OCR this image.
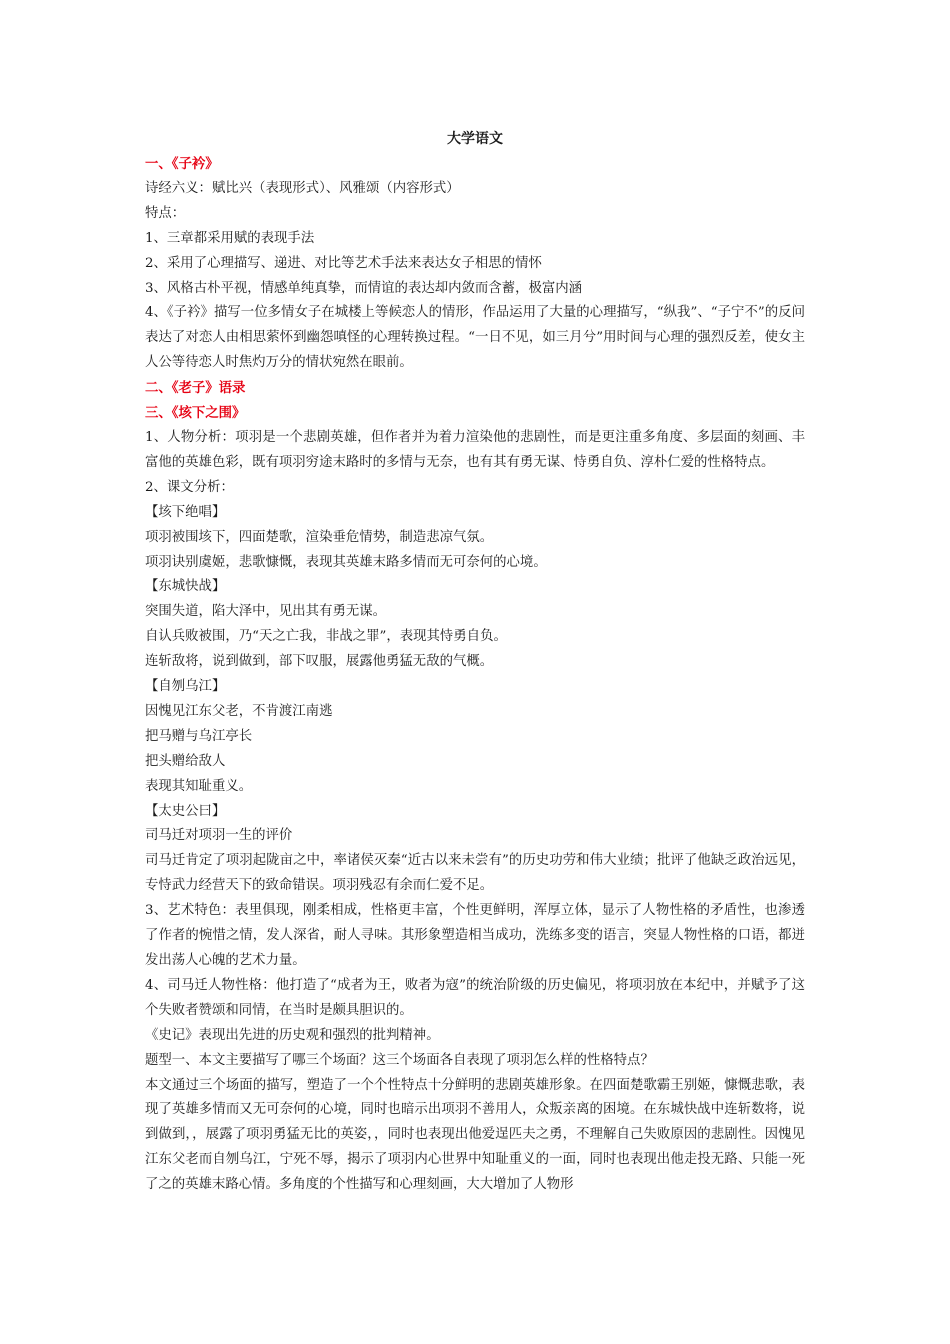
大学语文

一、《子衿》

诗经六义：赋比兴（表现形式）、风雅颂（内容形式）

特点：

1、三章都采用赋的表现手法

2、采用了心理描写、递进、对比等艺术手法来表达女子相思的情怀

3、风格古朴平视，情感单纯真挚，而情谊的表达却内敛而含蓄，极富内涵

4、《子衿》描写一位多情女子在城楼上等候恋人的情形，作品运用了大量的心理描写，“纵我”、“子宁不”的反问表达了对恋人由相思萦怀到幽怨嗔怪的心理转换过程。“一日不见，如三月兮”用时间与心理的强烈反差，使女主人公等待恋人时焦灼万分的情状宛然在眼前。

二、《老子》语录

三、《垓下之围》

1、人物分析：项羽是一个悲剧英雄，但作者并为着力渲染他的悲剧性，而是更注重多角度、多层面的刻画、丰富他的英雄色彩，既有项羽穷途末路时的多情与无奈，也有其有勇无谋、恃勇自负、淳朴仁爱的性格特点。

2、课文分析：

【垓下绝唱】

项羽被围垓下，四面楚歌，渲染垂危情势，制造悲凉气氛。

项羽诀别虞姬，悲歌慷慨，表现其英雄末路多情而无可奈何的心境。

【东城快战】

突围失道，陷大泽中，见出其有勇无谋。

自认兵败被围，乃“天之亡我，非战之罪”，表现其恃勇自负。

连斩敌将，说到做到，部下叹服，展露他勇猛无敌的气概。

【自刎乌江】

因愧见江东父老，不肯渡江南逃

把马赠与乌江亭长

把头赠给敌人

表现其知耻重义。

【太史公曰】

司马迁对项羽一生的评价

司马迁肯定了项羽起陇亩之中，率诸侯灭秦“近古以来未尝有”的历史功劳和伟大业绩；批评了他缺乏政治远见，专恃武力经营天下的致命错误。项羽残忍有余而仁爱不足。

3、艺术特色：表里俱现，刚柔相成，性格更丰富，个性更鲜明，浑厚立体，显示了人物性格的矛盾性，也渗透了作者的惋惜之情，发人深省，耐人寻味。其形象塑造相当成功，洗练多变的语言，突显人物性格的口语，都迸发出荡人心魄的艺术力量。

4、司马迁人物性格：他打造了“成者为王，败者为寇”的统治阶级的历史偏见，将项羽放在本纪中，并赋予了这个失败者赞颂和同情，在当时是颇具胆识的。

《史记》表现出先进的历史观和强烈的批判精神。

题型一、本文主要描写了哪三个场面？这三个场面各自表现了项羽怎么样的性格特点？

本文通过三个场面的描写，塑造了一个个性特点十分鲜明的悲剧英雄形象。在四面楚歌霸王别姬，慷慨悲歌，表现了英雄多情而又无可奈何的心境，同时也暗示出项羽不善用人，众叛亲离的困境。在东城快战中连斩数将，说到做到，，展露了项羽勇猛无比的英姿，，同时也表现出他爱逞匹夫之勇，不理解自己失败原因的悲剧性。因愧见江东父老而自刎乌江，宁死不辱，揭示了项羽内心世界中知耻重义的一面，同时也表现出他走投无路、只能一死了之的英雄末路心情。多角度的个性描写和心理刻画，大大增加了人物形
